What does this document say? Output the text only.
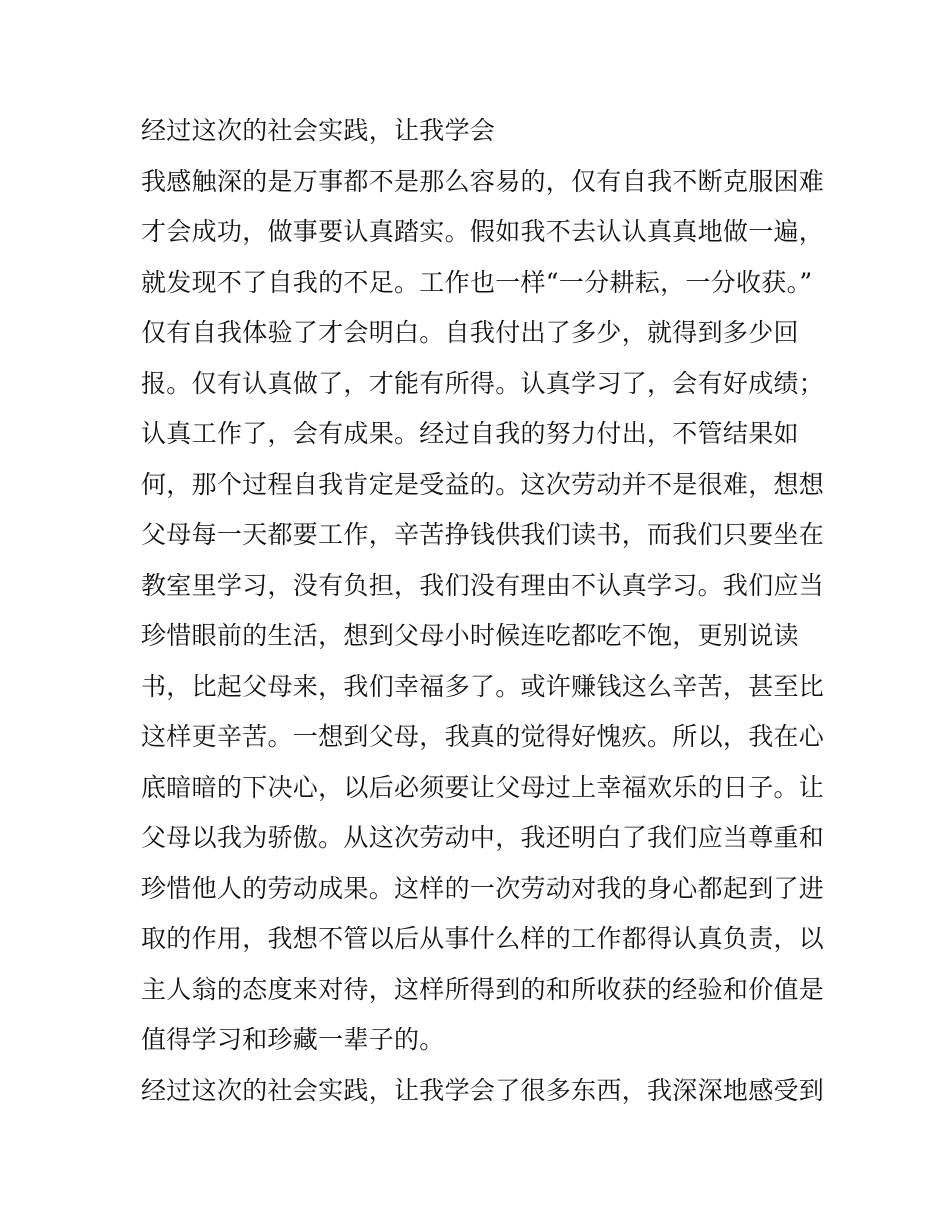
经过这次的社会实践，让我学会
我感触深的是万事都不是那么容易的，仅有自我不断克服困难
才会成功，做事要认真踏实。假如我不去认认真真地做一遍，
就发现不了自我的不足。工作也一样“一分耕耘，一分收获。”
仅有自我体验了才会明白。自我付出了多少，就得到多少回
报。仅有认真做了，才能有所得。认真学习了，会有好成绩；
认真工作了，会有成果。经过自我的努力付出，不管结果如
何，那个过程自我肯定是受益的。这次劳动并不是很难，想想
父母每一天都要工作，辛苦挣钱供我们读书，而我们只要坐在
教室里学习，没有负担，我们没有理由不认真学习。我们应当
珍惜眼前的生活，想到父母小时候连吃都吃不饱，更别说读
书，比起父母来，我们幸福多了。或许赚钱这么辛苦，甚至比
这样更辛苦。一想到父母，我真的觉得好愧疚。所以，我在心
底暗暗的下决心，以后必须要让父母过上幸福欢乐的日子。让
父母以我为骄傲。从这次劳动中，我还明白了我们应当尊重和
珍惜他人的劳动成果。这样的一次劳动对我的身心都起到了进
取的作用，我想不管以后从事什么样的工作都得认真负责，以
主人翁的态度来对待，这样所得到的和所收获的经验和价值是
值得学习和珍藏一辈子的。
经过这次的社会实践，让我学会了很多东西，我深深地感受到
